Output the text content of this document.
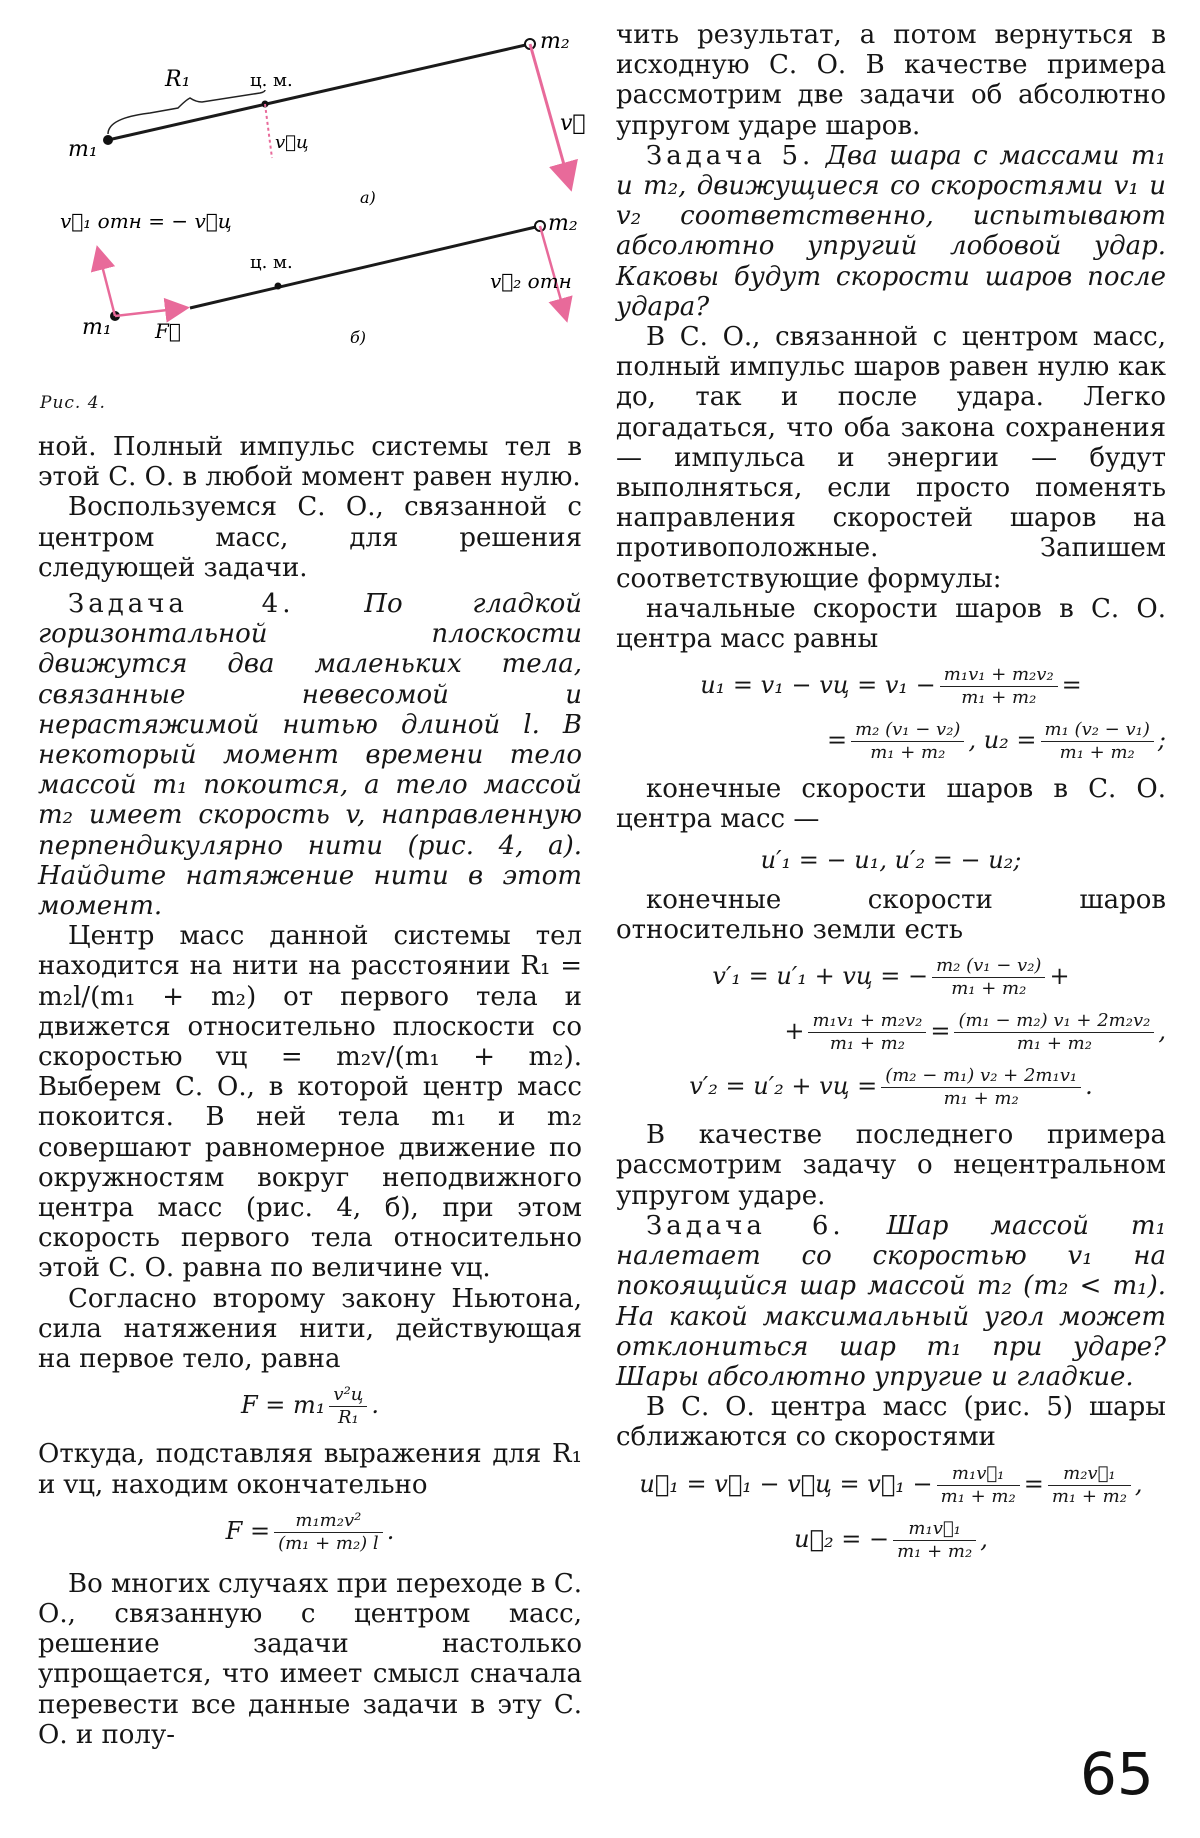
m₁
m₂
R₁	ц. м.
v⃗ц
v⃗
а)
v⃗₁ отн = − v⃗ц
m₁ F⃗
ц. м.
v⃗₂ отн
m₂
б)
Рис. 4.

ной. Полный импульс системы тел в этой С. О. в любой момент равен нулю.

Воспользуемся С. О., связанной с центром масс, для решения следующей задачи.

Задача 4.	По гладкой горизонтальной плоскости движутся два маленьких тела, связанные невесомой и нерастяжимой нитью длиной l. В некоторый момент времени тело массой m₁ покоится, а тело массой m₂ имеет скорость v, направленную перпендикулярно нити (рис. 4, а). Найдите натяжение нити в этот момент.

Центр масс данной системы тел находится на нити на расстоянии R₁ = m₂l/(m₁ + m₂) от первого тела и движется относительно плоскости со скоростью vц = m₂v/(m₁ + m₂). Выберем С. О., в которой центр масс покоится. В ней тела m₁ и m₂ совершают равномерное движение по окружностям вокруг неподвижного центра масс (рис. 4, б), при этом скорость первого тела относительно этой С. О. равна по величине vц.

Согласно второму закону Ньютона, сила натяжения нити, действующая на первое тело, равна

$F = m_1 \frac{\text{v²ц}}{\text{R₁}}$ .

Откуда, подставляя выражения для R₁ и vц, находим окончательно

$F = \frac{\text{m₁m₂v²}}{\text{(m₁ + m₂) l}}$ .

Во многих случаях при переходе в С. О., связанную с центром масс, решение задачи настолько упрощается, что имеет смысл сначала перевести все данные задачи в эту С. О. и полу-

чить результат, а потом вернуться в исходную С. О. В качестве примера рассмотрим две задачи об абсолютно упругом ударе шаров.

Задача 5. Два шара с массами m₁ и m₂, движущиеся со скоростями v₁ и v₂ соответственно, испытывают абсолютно упругий лобовой удар. Каковы будут скорости шаров после удара?

В С. О., связанной с центром масс, полный импульс шаров равен нулю как до, так и после удара. Легко догадаться, что оба закона сохранения — импульса и энергии — будут выполняться, если просто поменять направления скоростей шаров на противоположные. Запишем соответствующие формулы:

начальные скорости шаров в С. О. центра масс равны

u₁ = v₁ − vц = $v_1 - \frac{\text{m₁v₁ + m₂v₂}}{\text{m₁ + m₂}}$ =
= $\frac{\text{m₂ (v₁ − v₂)}}{\text{m₁ + m₂}}$ , $u_2 = \frac{\text{m₁ (v₂ − v₁)}}{\text{m₁ + m₂}}$ ;

конечные скорости шаров в С. О. центра масс —

u′₁ = − u₁, u′₂ = − u₂;

конечные скорости шаров относительно земли есть

v′₁ = u′₁ + vц = − $\frac{\text{m₂ (v₁ − v₂)}}{\text{m₁ + m₂}}$ +
+ $\frac{\text{m₁v₁ + m₂v₂}}{\text{m₁ + m₂}} = \frac{\text{(m₁ − m₂) v₁ + 2m₂v₂}}{\text{m₁ + m₂}}$ ,
v′₂ = u′₂ + vц = $\frac{\text{(m₂ − m₁) v₂ + 2m₁v₁}}{\text{m₁ + m₂}}$ .

В качестве последнего примера рассмотрим задачу о нецентральном упругом ударе.

Задача 6. Шар массой m₁ налетает со скоростью v₁ на покоящийся шар массой m₂ (m₂ < m₁). На какой максимальный угол может отклониться шар m₁ при ударе? Шары абсолютно упругие и гладкие.

В С. О. центра масс (рис. 5) шары сближаются со скоростями

u⃗₁ = v⃗₁ − v⃗ц = v⃗₁ − $\frac{\text{m₁v⃗₁}}{\text{m₁ + m₂}} = \frac{\text{m₂v⃗₁}}{\text{m₁ + m₂}}$ ,
u⃗₂ = − $\frac{\text{m₁v⃗₁}}{\text{m₁ + m₂}}$ ,
65
